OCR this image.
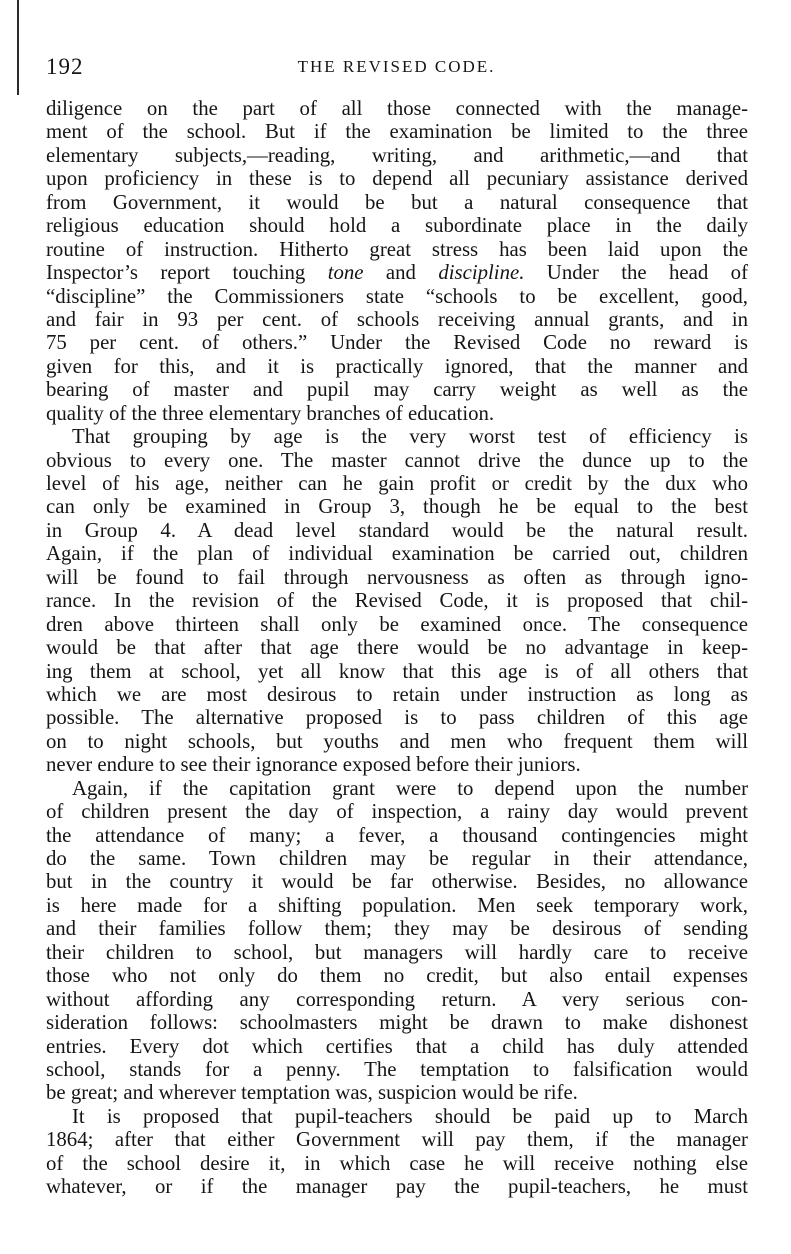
192	THE REVISED CODE.
diligence on the part of all those connected with the manage-
ment of the school. But if the examination be limited to the three
elementary subjects,—reading, writing, and arithmetic,—and that
upon proficiency in these is to depend all pecuniary assistance derived
from Government, it would be but a natural consequence that
religious education should hold a subordinate place in the daily
routine of instruction. Hitherto great stress has been laid upon the
Inspector’s report touching tone and discipline. Under the head of
“discipline” the Commissioners state “schools to be excellent, good,
and fair in 93 per cent. of schools receiving annual grants, and in
75 per cent. of others.” Under the Revised Code no reward is
given for this, and it is practically ignored, that the manner and
bearing of master and pupil may carry weight as well as the
quality of the three elementary branches of education.
That grouping by age is the very worst test of efficiency is
obvious to every one. The master cannot drive the dunce up to the
level of his age, neither can he gain profit or credit by the dux who
can only be examined in Group 3, though he be equal to the best
in Group 4. A dead level standard would be the natural result.
Again, if the plan of individual examination be carried out, children
will be found to fail through nervousness as often as through igno-
rance. In the revision of the Revised Code, it is proposed that chil-
dren above thirteen shall only be examined once. The consequence
would be that after that age there would be no advantage in keep-
ing them at school, yet all know that this age is of all others that
which we are most desirous to retain under instruction as long as
possible. The alternative proposed is to pass children of this age
on to night schools, but youths and men who frequent them will
never endure to see their ignorance exposed before their juniors.
Again, if the capitation grant were to depend upon the number
of children present the day of inspection, a rainy day would prevent
the attendance of many; a fever, a thousand contingencies might
do the same. Town children may be regular in their attendance,
but in the country it would be far otherwise. Besides, no allowance
is here made for a shifting population. Men seek temporary work,
and their families follow them; they may be desirous of sending
their children to school, but managers will hardly care to receive
those who not only do them no credit, but also entail expenses
without affording any corresponding return. A very serious con-
sideration follows: schoolmasters might be drawn to make dishonest
entries. Every dot which certifies that a child has duly attended
school, stands for a penny. The temptation to falsification would
be great; and wherever temptation was, suspicion would be rife.
It is proposed that pupil-teachers should be paid up to March
1864; after that either Government will pay them, if the manager
of the school desire it, in which case he will receive nothing else
whatever, or if the manager pay the pupil-teachers, he must
